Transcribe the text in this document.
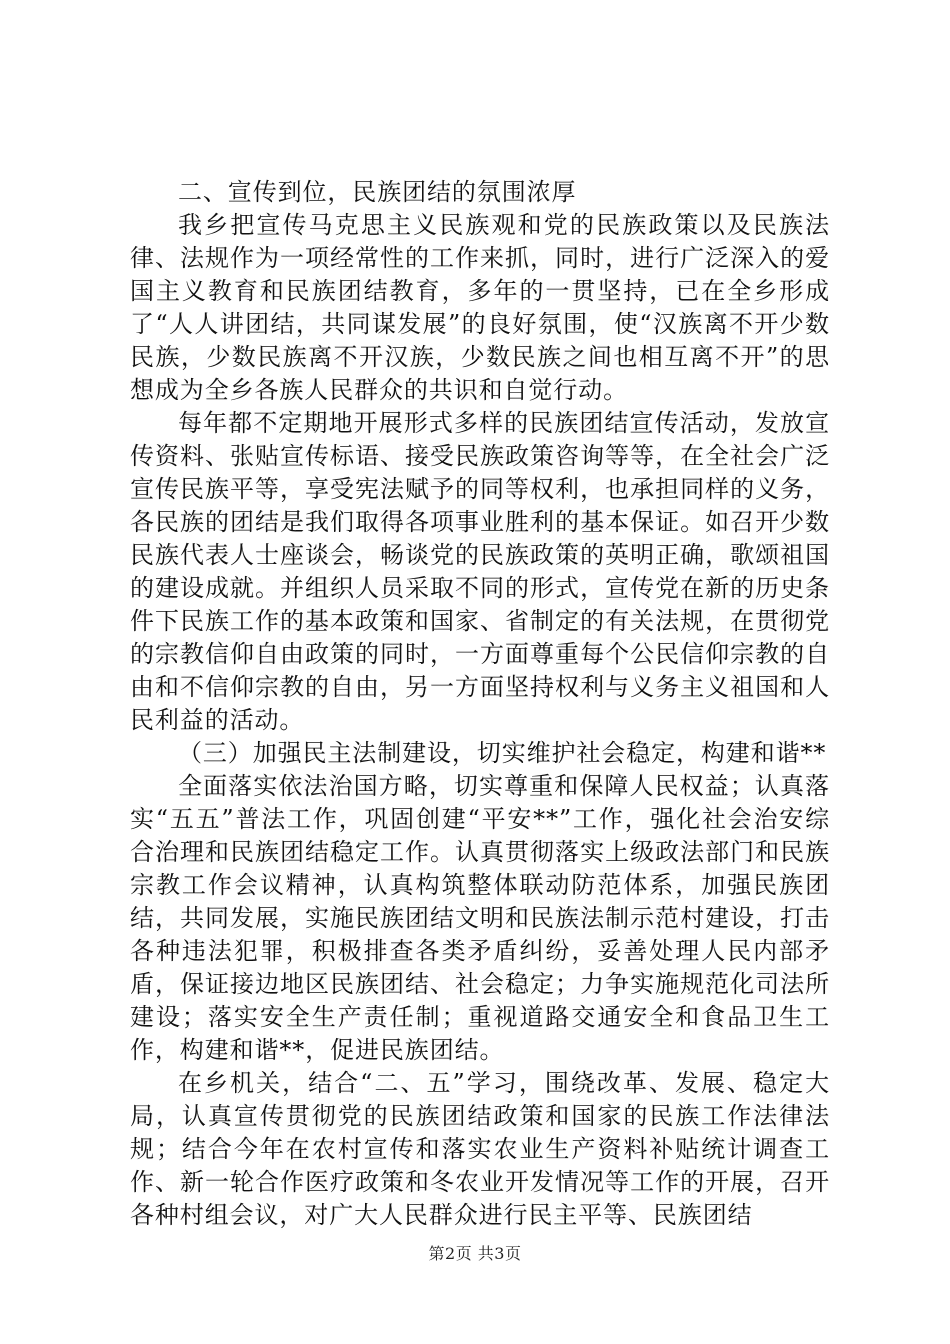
二、宣传到位，民族团结的氛围浓厚

我乡把宣传马克思主义民族观和党的民族政策以及民族法律、法规作为一项经常性的工作来抓，同时，进行广泛深入的爱国主义教育和民族团结教育，多年的一贯坚持，已在全乡形成了“人人讲团结，共同谋发展”的良好氛围，使“汉族离不开少数民族，少数民族离不开汉族，少数民族之间也相互离不开”的思想成为全乡各族人民群众的共识和自觉行动。

每年都不定期地开展形式多样的民族团结宣传活动，发放宣传资料、张贴宣传标语、接受民族政策咨询等等，在全社会广泛宣传民族平等，享受宪法赋予的同等权利，也承担同样的义务，各民族的团结是我们取得各项事业胜利的基本保证。如召开少数民族代表人士座谈会，畅谈党的民族政策的英明正确，歌颂祖国的建设成就。并组织人员采取不同的形式，宣传党在新的历史条件下民族工作的基本政策和国家、省制定的有关法规，在贯彻党的宗教信仰自由政策的同时，一方面尊重每个公民信仰宗教的自由和不信仰宗教的自由，另一方面坚持权利与义务主义祖国和人民利益的活动。

（三）加强民主法制建设，切实维护社会稳定，构建和谐**

全面落实依法治国方略，切实尊重和保障人民权益；认真落实“五五”普法工作，巩固创建“平安**”工作，强化社会治安综合治理和民族团结稳定工作。认真贯彻落实上级政法部门和民族宗教工作会议精神，认真构筑整体联动防范体系，加强民族团结，共同发展，实施民族团结文明和民族法制示范村建设，打击各种违法犯罪，积极排查各类矛盾纠纷，妥善处理人民内部矛盾，保证接边地区民族团结、社会稳定；力争实施规范化司法所建设；落实安全生产责任制；重视道路交通安全和食品卫生工作，构建和谐**，促进民族团结。

在乡机关，结合“二、五”学习，围绕改革、发展、稳定大局，认真宣传贯彻党的民族团结政策和国家的民族工作法律法规；结合今年在农村宣传和落实农业生产资料补贴统计调查工作、新一轮合作医疗政策和冬农业开发情况等工作的开展，召开各种村组会议，对广大人民群众进行民主平等、民族团结

第2页 共3页
